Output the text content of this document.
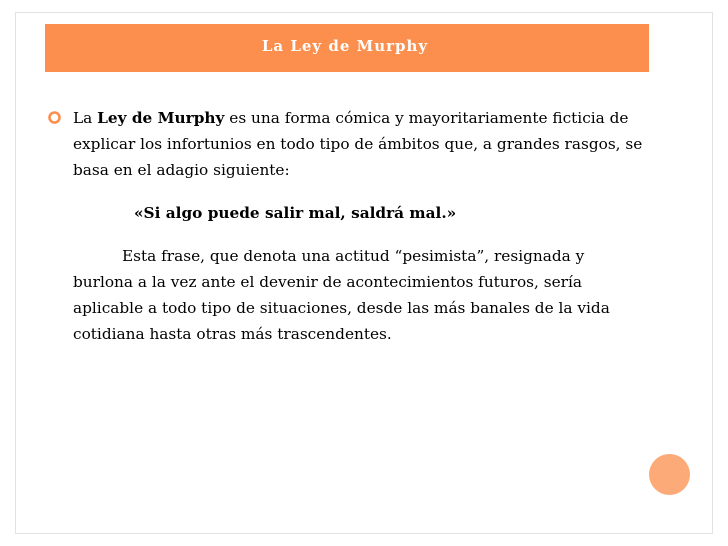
La Ley de Murphy

La Ley de Murphy es una forma cómica y mayoritariamente ficticia de explicar los infortunios en todo tipo de ámbitos que, a grandes rasgos, se basa en el adagio siguiente:

«Si algo puede salir mal, saldrá mal.»

Esta frase, que denota una actitud “pesimista”, resignada y burlona a la vez ante el devenir de acontecimientos futuros, sería aplicable a todo tipo de situaciones, desde las más banales de la vida cotidiana hasta otras más trascendentes.
